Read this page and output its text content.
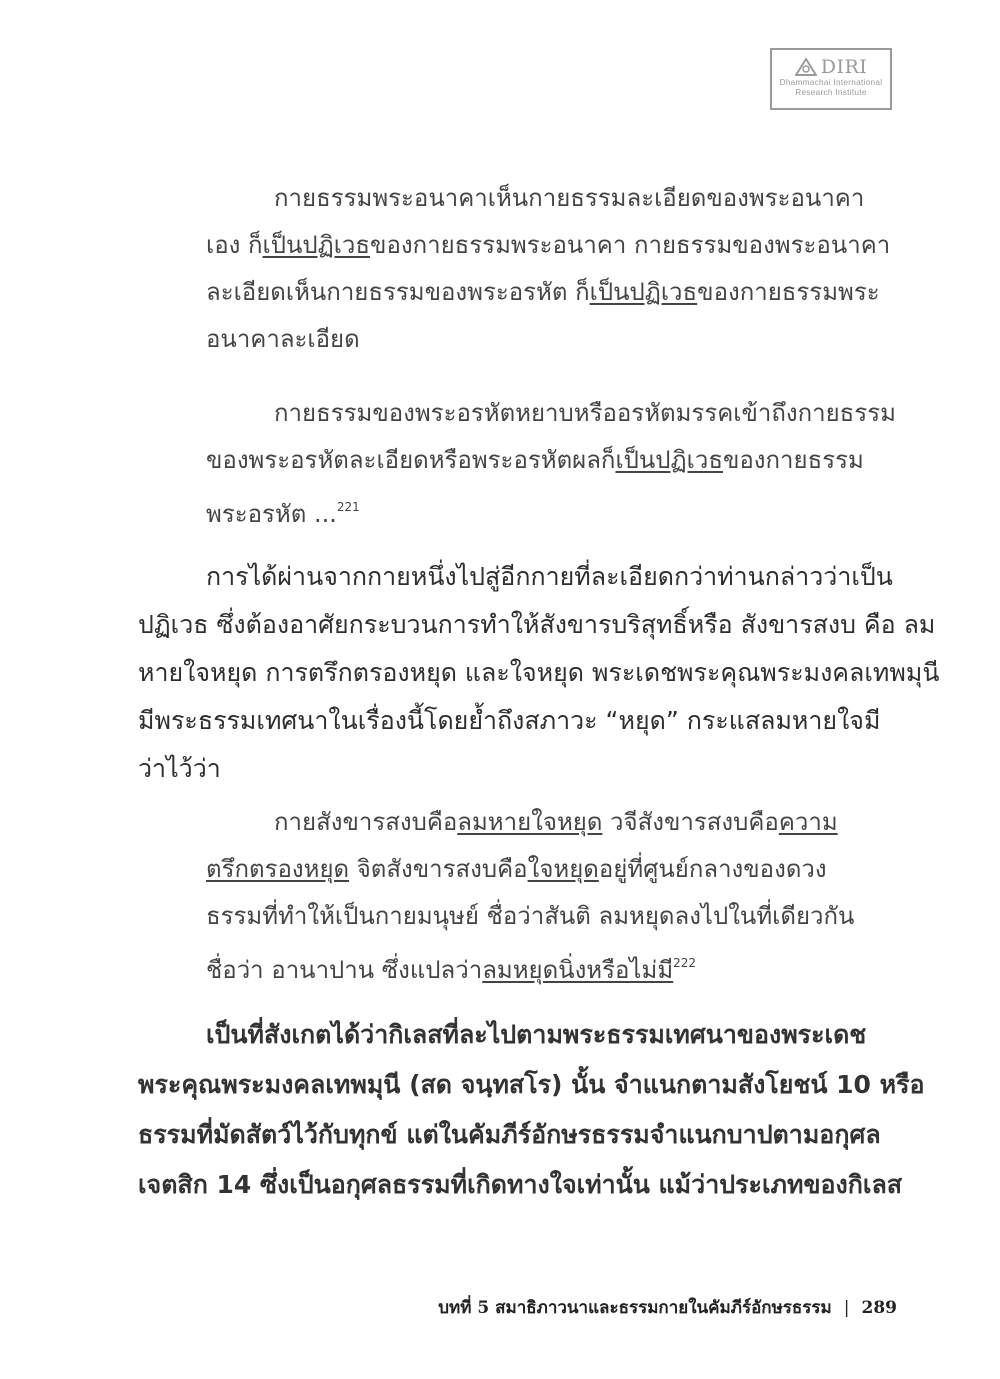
DIRI
Dhammachai International
Research Institute
กายธรรมพระอนาคาเห็นกายธรรมละเอียดของพระอนาคา
เอง ก็เป็นปฏิเวธของกายธรรมพระอนาคา กายธรรมของพระอนาคา
ละเอียดเห็นกายธรรมของพระอรหัต ก็เป็นปฏิเวธของกายธรรมพระ
อนาคาละเอียด
กายธรรมของพระอรหัตหยาบหรืออรหัตมรรคเข้าถึงกายธรรม
ของพระอรหัตละเอียดหรือพระอรหัตผลก็เป็นปฏิเวธของกายธรรม
พระอรหัต ...$^{221}$
การได้ผ่านจากกายหนึ่งไปสู่อีกกายที่ละเอียดกว่าท่านกล่าวว่าเป็น
ปฏิเวธ ซึ่งต้องอาศัยกระบวนการทำให้สังขารบริสุทธิ์หรือ สังขารสงบ คือ ลม
หายใจหยุด การตรึกตรองหยุด และใจหยุด พระเดชพระคุณพระมงคลเทพมุนี
มีพระธรรมเทศนาในเรื่องนี้โดยย้ำถึงสภาวะ “หยุด” กระแสลมหายใจมี
ว่าไว้ว่า
กายสังขารสงบคือลมหายใจหยุด วจีสังขารสงบคือความ
ตรึกตรองหยุด จิตสังขารสงบคือใจหยุดอยู่ที่ศูนย์กลางของดวง
ธรรมที่ทำให้เป็นกายมนุษย์ ชื่อว่าสันติ ลมหยุดลงไปในที่เดียวกัน
ชื่อว่า อานาปาน ซึ่งแปลว่าลมหยุดนิ่งหรือไม่มี$^{222}$
เป็นที่สังเกตได้ว่ากิเลสที่ละไปตามพระธรรมเทศนาของพระเดช
พระคุณพระมงคลเทพมุนี (สด จนฺทสโร) นั้น จำแนกตามสังโยชน์ 10 หรือ
ธรรมที่มัดสัตว์ไว้กับทุกข์ แต่ในคัมภีร์อักษรธรรมจำแนกบาปตามอกุศล
เจตสิก 14 ซึ่งเป็นอกุศลธรรมที่เกิดทางใจเท่านั้น แม้ว่าประเภทของกิเลส
บทที่ 5 สมาธิภาวนาและธรรมกายในคัมภีร์อักษรธรรม | 289
